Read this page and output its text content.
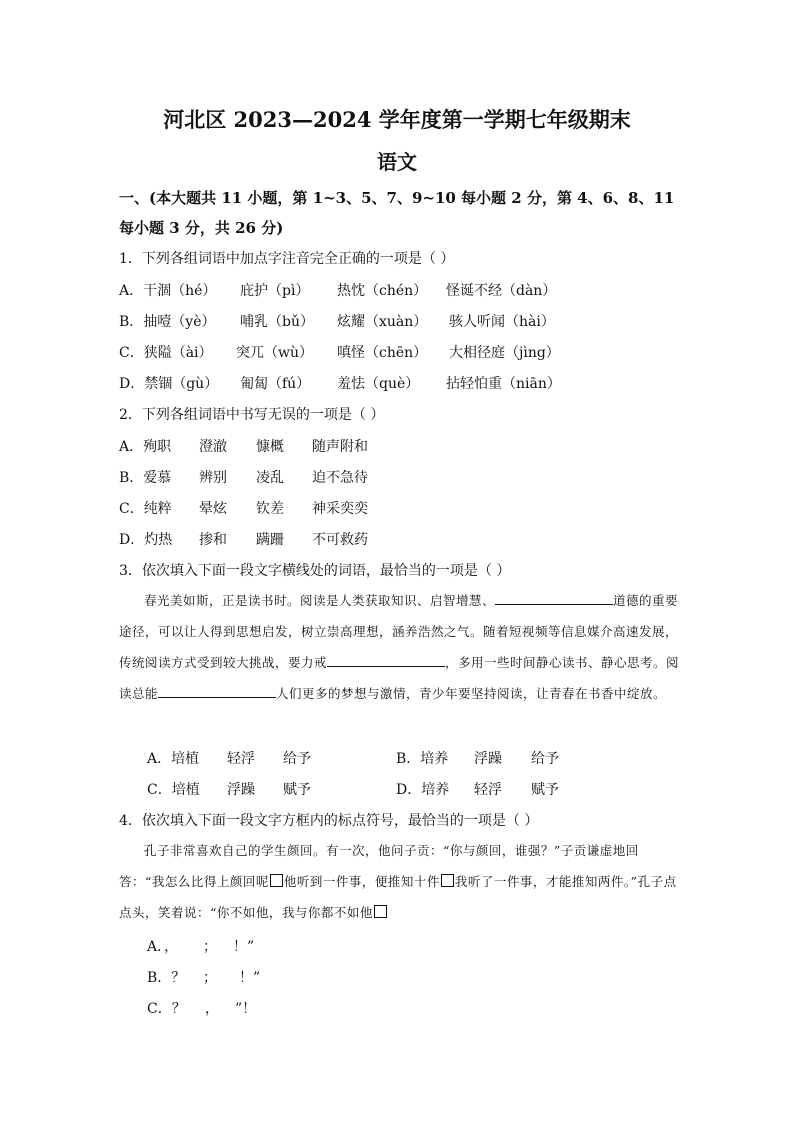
河北区 2023—2024 学年度第一学期七年级期末
语文

一、(本大题共 11 小题，第 1~3、5、7、9~10 每小题 2 分，第 4、6、8、11 每小题 3 分，共 26 分)

1．下列各组词语中加点字注音完全正确的一项是（ ）

A．干涸（hé） 庇护（pì） 热忱（chén） 怪诞不经（dàn）
B．抽噎（yè） 哺乳（bǔ） 炫耀（xuàn） 骇人听闻（hài）
C．狭隘（ài） 突兀（wù） 嗔怪（chēn） 大相径庭（jìng）
D．禁锢（gù） 匍匐（fú） 羞怯（què） 拈轻怕重（niān）

2．下列各组词语中书写无误的一项是（ ）

A．殉职 澄澈 慷概 随声附和
B．爱慕 辨别 凌乱 迫不急待
C．纯粹 晕炫 钦差 神采奕奕
D．灼热 掺和 蹒跚 不可救药

3．依次填入下面一段文字横线处的词语，最恰当的一项是（ ）

春光美如斯，正是读书时。阅读是人类获取知识、启智增慧、	道德的重要途径，可以让人得到思想启发，树立崇高理想，涵养浩然之气。随着短视频等信息媒介高速发展，传统阅读方式受到较大挑战，要力戒	，多用一些时间静心读书、静心思考。阅读总能	人们更多的梦想与激情，青少年要坚持阅读，让青春在书香中绽放。

A．培植 轻浮 给予	B．培养 浮躁 给予
C．培植 浮躁 赋予	D．培养 轻浮 赋予

4．依次填入下面一段文字方框内的标点符号，最恰当的一项是（ ）

孔子非常喜欢自己的学生颜回。有一次，他问子贡：“你与颜回，谁强？”子贡谦虚地回答：“我怎么比得上颜回呢 他听到一件事，便推知十件 我听了一件事，才能推知两件。”孔子点点头，笑着说：“你不如他，我与你都不如他

A．， ； ！”
B．？ ； ！”
C．？ ， ”！
